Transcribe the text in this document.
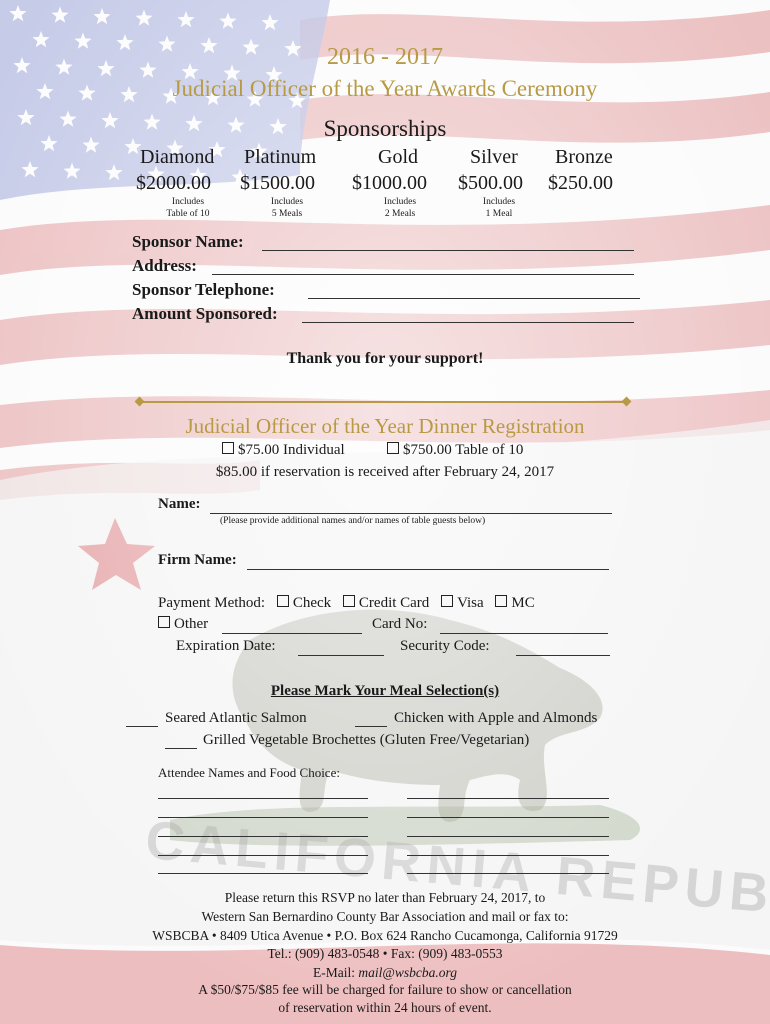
2016 - 2017
Judicial Officer of the Year Awards Ceremony
Sponsorships
Diamond Platinum	Gold	Silver Bronze
$2000.00 $1500.00 $1000.00 $500.00 $250.00
Includes
Table of 10
Includes
5 Meals
Includes
2 Meals
Includes
1 Meal
Sponsor Name:
Address:
Sponsor Telephone:
Amount Sponsored:
Thank you for your support!
Judicial Officer of the Year Dinner Registration
$75.00 Individual	$750.00 Table of 10
$85.00 if reservation is received after February 24, 2017
Name:
(Please provide additional names and/or names of table guests below)
Firm Name:
Payment Method: Check Credit Card Visa MC
Other	Card No:
Expiration Date:	Security Code:
Please Mark Your Meal Selection(s)
Seared Atlantic Salmon	Chicken with Apple and Almonds
Grilled Vegetable Brochettes (Gluten Free/Vegetarian)
Attendee Names and Food Choice:
Please return this RSVP no later than February 24, 2017, to
Western San Bernardino County Bar Association and mail or fax to:
WSBCBA • 8409 Utica Avenue • P.O. Box 624 Rancho Cucamonga, California 91729
Tel.: (909) 483-0548 • Fax: (909) 483-0553
E-Mail: mail@wsbcba.org
A $50/$75/$85 fee will be charged for failure to show or cancellation
of reservation within 24 hours of event.
